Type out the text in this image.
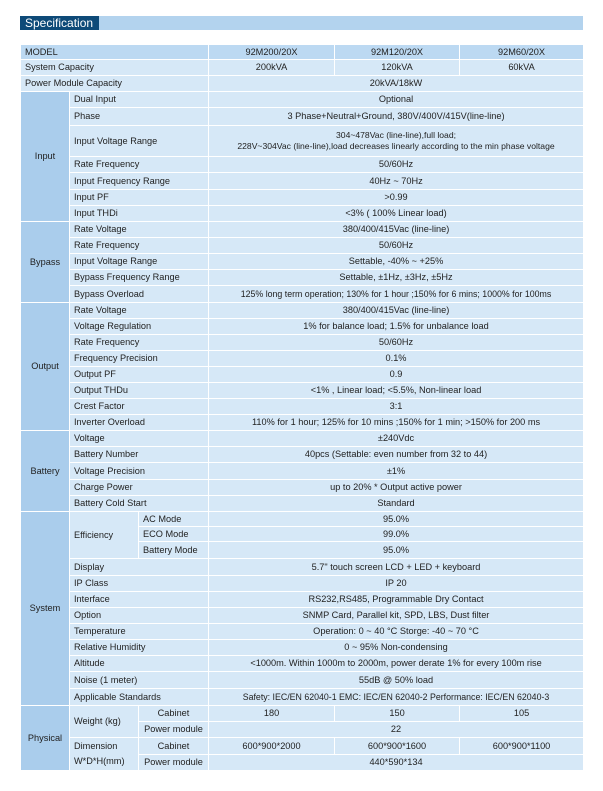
Specification
MODEL			92M200/20X	92M120/20X	92M60/20X
System Capacity			200kVA	120kVA	60kVA
Power Module Capacity			20kVA/18kW		
Input	Dual Input		Optional		
	Phase		3 Phase+Neutral+Ground, 380V/400V/415V(line-line)		
	Input Voltage Range		304~478Vac (line-line),full load;
228V~304Vac (line-line),load decreases linearly according to the min phase voltage		

	Rate Frequency		50/60Hz		
	Input Frequency Range		40Hz ~ 70Hz		
	Input PF		>0.99		
	Input THDi		<3% ( 100% Linear load)		
Bypass	Rate Voltage		380/400/415Vac (line-line)		
	Rate Frequency		50/60Hz		
	Input Voltage Range		Settable, -40% ~ +25%		
	Bypass Frequency Range		Settable, ±1Hz, ±3Hz, ±5Hz		
	Bypass Overload		125% long term operation; 130% for 1 hour ;150% for 6 mins; 1000% for 100ms		
Output	Rate Voltage		380/400/415Vac (line-line)		
	Voltage Regulation		1% for balance load; 1.5% for unbalance load		
	Rate Frequency		50/60Hz		
	Frequency Precision		0.1%		
	Output PF		0.9		
	Output THDu		<1% , Linear load; <5.5%, Non-linear load		
	Crest Factor		3:1		
	Inverter Overload		110% for 1 hour; 125% for 10 mins ;150% for 1 min; >150% for 200 ms		
Battery	Voltage		±240Vdc		
	Battery Number		40pcs (Settable: even number from 32 to 44)		
	Voltage Precision		±1%		
	Charge Power		up to 20% * Output active power		
	Battery Cold Start		Standard		
System	Efficiency	AC Mode	95.0%		
		ECO Mode	99.0%		
		Battery Mode	95.0%		
	Display		5.7" touch screen LCD + LED + keyboard		
	IP Class		IP 20		
	Interface		RS232,RS485, Programmable Dry Contact		
	Option		SNMP Card, Parallel kit, SPD, LBS, Dust filter		
	Temperature		Operation: 0 ~ 40 °C Storge: -40 ~ 70 °C		
	Relative Humidity		0 ~ 95% Non-condensing		
	Altitude		<1000m. Within 1000m to 2000m, power derate 1% for every 100m rise		
	Noise (1 meter)		55dB @ 50% load		
	Applicable Standards		Safety: IEC/EN 62040-1 EMC: IEC/EN 62040-2 Performance: IEC/EN 62040-3		
Physical	Weight (kg)	Cabinet	180	150	105
		Power module	22		

	Dimension
W*D*H(mm)	Cabinet	600*900*2000	600*900*1600	600*900*1100
		Power module	440*590*134		
